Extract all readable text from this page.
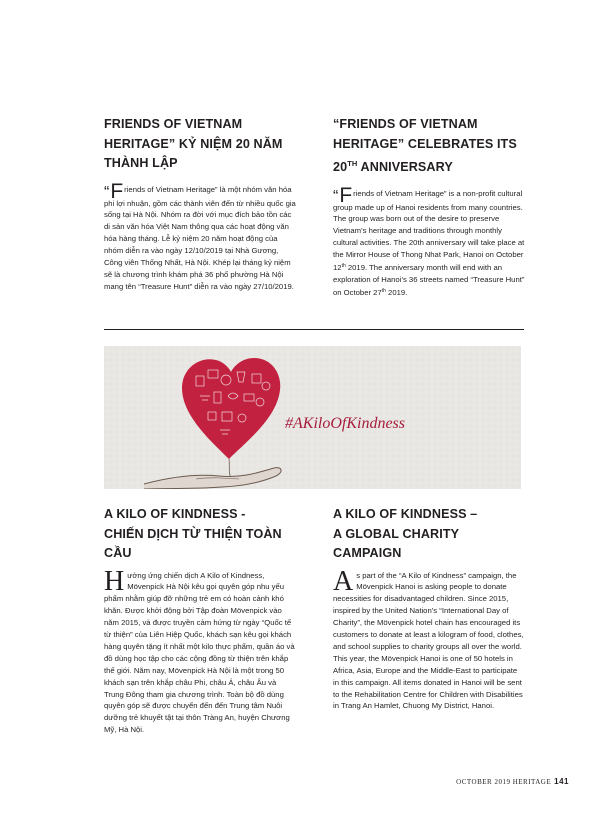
FRIENDS OF VIETNAM
HERITAGE” KỶ NIỆM 20 NĂM
THÀNH LẬP

“Friends of Vietnam Heritage” là một nhóm văn hóa phi lợi nhuận, gồm các thành viên đến từ nhiều quốc gia sống tại Hà Nội. Nhóm ra đời với mục đích bảo tồn các di sản văn hóa Việt Nam thông qua các hoạt động văn hóa hàng tháng. Lễ kỷ niệm 20 năm hoạt động của nhóm diễn ra vào ngày 12/10/2019 tại Nhà Gương, Công viên Thống Nhất, Hà Nội. Khép lại tháng kỷ niệm sẽ là chương trình khám phá 36 phố phường Hà Nội mang tên “Treasure Hunt” diễn ra vào ngày 27/10/2019.

“FRIENDS OF VIETNAM
HERITAGE” CELEBRATES ITS
20TH ANNIVERSARY

“Friends of Vietnam Heritage” is a non-profit cultural group made up of Hanoi residents from many countries. The group was born out of the desire to preserve Vietnam’s heritage and traditions through monthly cultural activities. The 20th anniversary will take place at the Mirror House of Thong Nhat Park, Hanoi on October 12th 2019. The anniversary month will end with an exploration of Hanoi’s 36 streets named “Treasure Hunt” on October 27th 2019.

#AKiloOfKindness
A KILO OF KINDNESS -
CHIẾN DỊCH TỪ THIỆN TOÀN CẦU

Hưởng ứng chiến dịch A Kilo of Kindness, Mövenpick Hà Nội kêu gọi quyên góp nhu yếu phẩm nhằm giúp đỡ những trẻ em có hoàn cảnh khó khăn. Được khởi động bởi Tập đoàn Mövenpick vào năm 2015, và được truyền cảm hứng từ ngày “Quốc tế từ thiện” của Liên Hiệp Quốc, khách sạn kêu gọi khách hàng quyên tặng ít nhất một kilo thực phẩm, quần áo và đồ dùng học tập cho các cộng đồng từ thiện trên khắp thế giới. Năm nay, Mövenpick Hà Nội là một trong 50 khách sạn trên khắp châu Phi, châu Á, châu Âu và Trung Đông tham gia chương trình. Toàn bộ đồ dùng quyên góp sẽ được chuyển đến đến Trung tâm Nuôi dưỡng trẻ khuyết tật tại thôn Tràng An, huyện Chương Mỹ, Hà Nội.

A KILO OF KINDNESS –
A GLOBAL CHARITY CAMPAIGN

As part of the “A Kilo of Kindness” campaign, the Mövenpick Hanoi is asking people to donate necessities for disadvantaged children. Since 2015, inspired by the United Nation’s “International Day of Charity”, the Mövenpick hotel chain has encouraged its customers to donate at least a kilogram of food, clothes, and school supplies to charity groups all over the world. This year, the Mövenpick Hanoi is one of 50 hotels in Africa, Asia, Europe and the Middle-East to participate in this campaign. All items donated in Hanoi will be sent to the Rehabilitation Centre for Children with Disabilities in Trang An Hamlet, Chuong My District, Hanoi.

OCTOBER 2019 HERITAGE 141
